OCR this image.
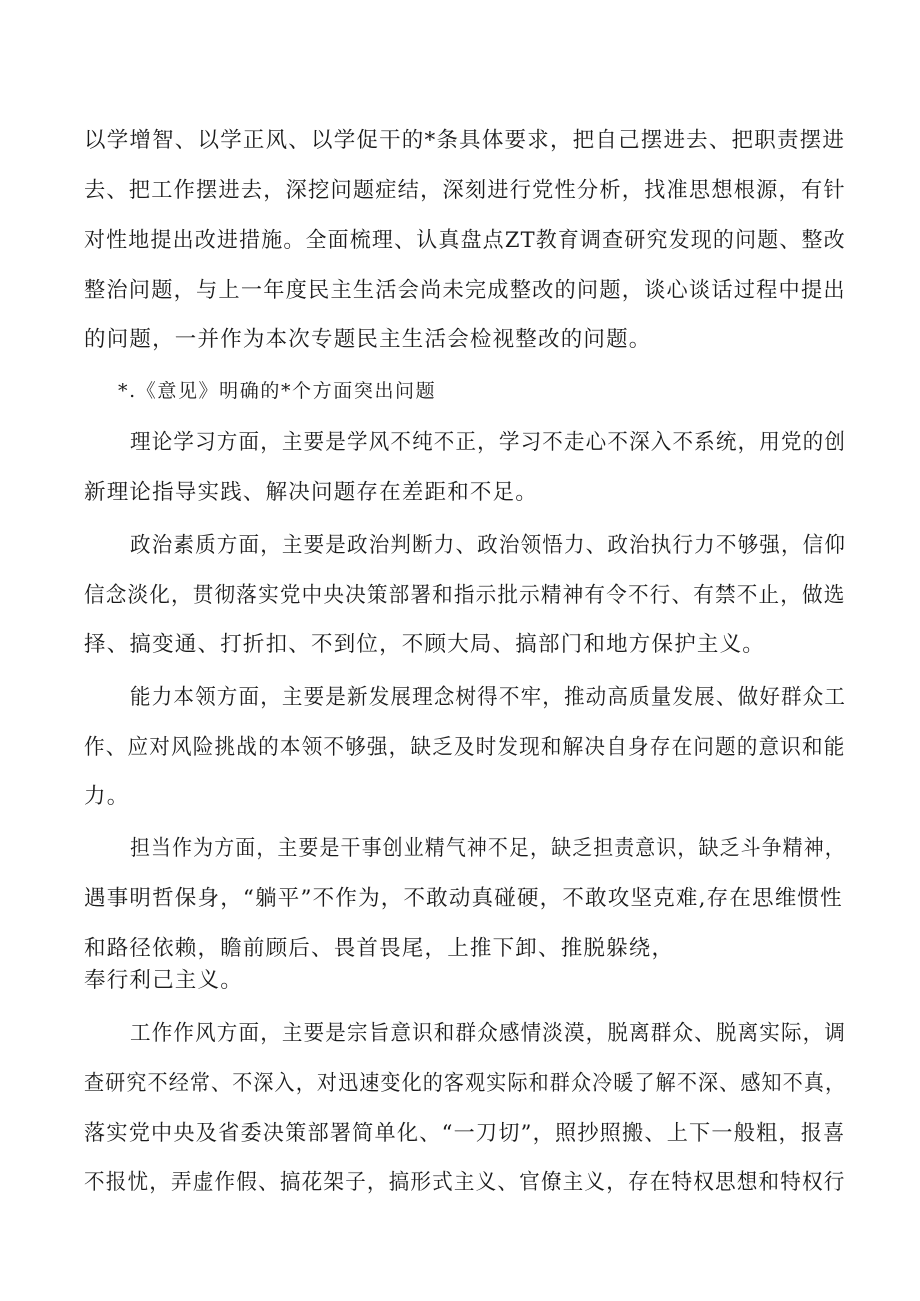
以学增智、以学正风、以学促干的*条具体要求，把自己摆进去、把职责摆进
去、把工作摆进去，深挖问题症结，深刻进行党性分析，找准思想根源，有针
对性地提出改进措施。全面梳理、认真盘点ZT教育调查研究发现的问题、整改
整治问题，与上一年度民主生活会尚未完成整改的问题，谈心谈话过程中提出
的问题，一并作为本次专题民主生活会检视整改的问题。
*.《意见》明确的*个方面突出问题
理论学习方面，主要是学风不纯不正，学习不走心不深入不系统，用党的创
新理论指导实践、解决问题存在差距和不足。
政治素质方面，主要是政治判断力、政治领悟力、政治执行力不够强，信仰
信念淡化，贯彻落实党中央决策部署和指示批示精神有令不行、有禁不止，做选
择、搞变通、打折扣、不到位，不顾大局、搞部门和地方保护主义。
能力本领方面，主要是新发展理念树得不牢，推动高质量发展、做好群众工
作、应对风险挑战的本领不够强，缺乏及时发现和解决自身存在问题的意识和能
力。
担当作为方面，主要是干事创业精气神不足，缺乏担责意识，缺乏斗争精神，
遇事明哲保身，“躺平”不作为，不敢动真碰硬，不敢攻坚克难,存在思维惯性
和路径依赖，瞻前顾后、畏首畏尾，上推下卸、推脱躲绕，
奉行利己主义。
工作作风方面，主要是宗旨意识和群众感情淡漠，脱离群众、脱离实际，调
查研究不经常、不深入，对迅速变化的客观实际和群众冷暖了解不深、感知不真，
落实党中央及省委决策部署简单化、“一刀切”，照抄照搬、上下一般粗，报喜
不报忧，弄虚作假、搞花架子，搞形式主义、官僚主义，存在特权思想和特权行
